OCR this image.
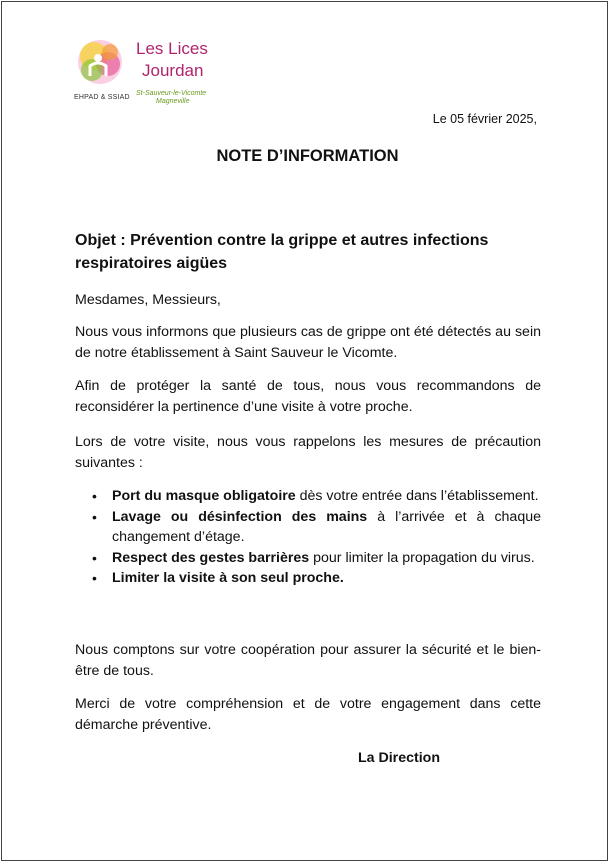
Les Lices
Jourdan
EHPAD & SSIAD
St-Sauveur-le-Vicomte
Magneville
Le 05 février 2025,
NOTE D’INFORMATION
Objet : Prévention contre la grippe et autres infections respiratoires aigües
Mesdames, Messieurs,
Nous vous informons que plusieurs cas de grippe ont été détectés au sein de notre établissement à Saint Sauveur le Vicomte.
Afin de protéger la santé de tous, nous vous recommandons de reconsidérer la pertinence d’une visite à votre proche.
Lors de votre visite, nous vous rappelons les mesures de précaution suivantes :
• Port du masque obligatoire dès votre entrée dans l’établissement.
• Lavage ou désinfection des mains à l’arrivée et à chaque changement d’étage.
• Respect des gestes barrières pour limiter la propagation du virus.
• Limiter la visite à son seul proche.
Nous comptons sur votre coopération pour assurer la sécurité et le bien-être de tous.
Merci de votre compréhension et de votre engagement dans cette démarche préventive.
La Direction
